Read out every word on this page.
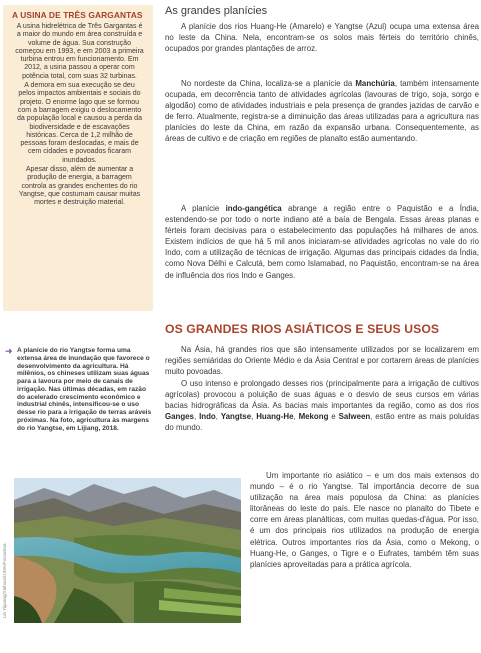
A USINA DE TRÊS GARGANTAS

A usina hidrelétrica de Três Gargantas é a maior do mundo em área construída e volume de água. Sua construção começou em 1993, e em 2003 a primeira turbina entrou em funcionamento. Em 2012, a usina passou a operar com potência total, com suas 32 turbinas.

A demora em sua execução se deu pelos impactos ambientais e sociais do projeto. O enorme lago que se formou com a barragem exigiu o deslocamento da população local e causou a perda da biodiversidade e de escavações históricas. Cerca de 1,2 milhão de pessoas foram deslocadas, e mais de cem cidades e povoados ficaram inundados.

Apesar disso, além de aumentar a produção de energia, a barragem controla as grandes enchentes do rio Yangtse, que costumam causar muitas mortes e destruição material.

➜ A planície do rio Yangtse forma uma extensa área de inundação que favorece o desenvolvimento da agricultura. Há milênios, os chineses utilizam suas águas para a lavoura por meio de canais de irrigação. Nas últimas décadas, em razão do acelerado crescimento econômico e industrial chinês, intensificou-se o uso desse rio para a irrigação de terras aráveis próximas. Na foto, agricultura às margens do rio Yangtse, em Lijiang, 2018.
Lin Yiguang/Xinhua/ZUMA/Fotoarena
As grandes planícies

A planície dos rios Huang-He (Amarelo) e Yangtse (Azul) ocupa uma extensa área no leste da China. Nela, encontram-se os solos mais férteis do território chinês, ocupados por grandes plantações de arroz.

No nordeste da China, localiza-se a planície da Manchúria, também intensamente ocupada, em decorrência tanto de atividades agrícolas (lavouras de trigo, soja, sorgo e algodão) como de atividades industriais e pela presença de grandes jazidas de carvão e de ferro. Atualmente, registra-se a diminuição das áreas utilizadas para a agricultura nas planícies do leste da China, em razão da expansão urbana. Consequentemente, as áreas de cultivo e de criação em regiões de planalto estão aumentando.

A planície indo-gangética abrange a região entre o Paquistão e a Índia, estendendo-se por todo o norte indiano até a baía de Bengala. Essas áreas planas e férteis foram decisivas para o estabelecimento das populações há milhares de anos. Existem indícios de que há 5 mil anos iniciaram-se atividades agrícolas no vale do rio Indo, com a utilização de técnicas de irrigação. Algumas das principais cidades da Índia, como Nova Délhi e Calcutá, bem como Islamabad, no Paquistão, encontram-se na área de influência dos rios Indo e Ganges.

OS GRANDES RIOS ASIÁTICOS E SEUS USOS

Na Ásia, há grandes rios que são intensamente utilizados por se localizarem em regiões semiáridas do Oriente Médio e da Ásia Central e por cortarem áreas de planícies muito povoadas.

O uso intenso e prolongado desses rios (principalmente para a irrigação de cultivos agrícolas) provocou a poluição de suas águas e o desvio de seus cursos em várias bacias hidrográficas da Ásia. As bacias mais importantes da região, como as dos rios Ganges, Indo, Yangtse, Huang-He, Mekong e Salween, estão entre as mais poluídas do mundo.

Um importante rio asiático – e um dos mais extensos do mundo – é o rio Yangtse. Tal importância decorre de sua utilização na área mais populosa da China: as planícies litorâneas do leste do país. Ele nasce no planalto do Tibete e corre em áreas planálticas, com muitas quedas-d'água. Por isso, é um dos principais rios utilizados na produção de energia elétrica. Outros importantes rios da Ásia, como o Mekong, o Huang-He, o Ganges, o Tigre e o Eufrates, também têm suas planícies aproveitadas para a prática agrícola.
